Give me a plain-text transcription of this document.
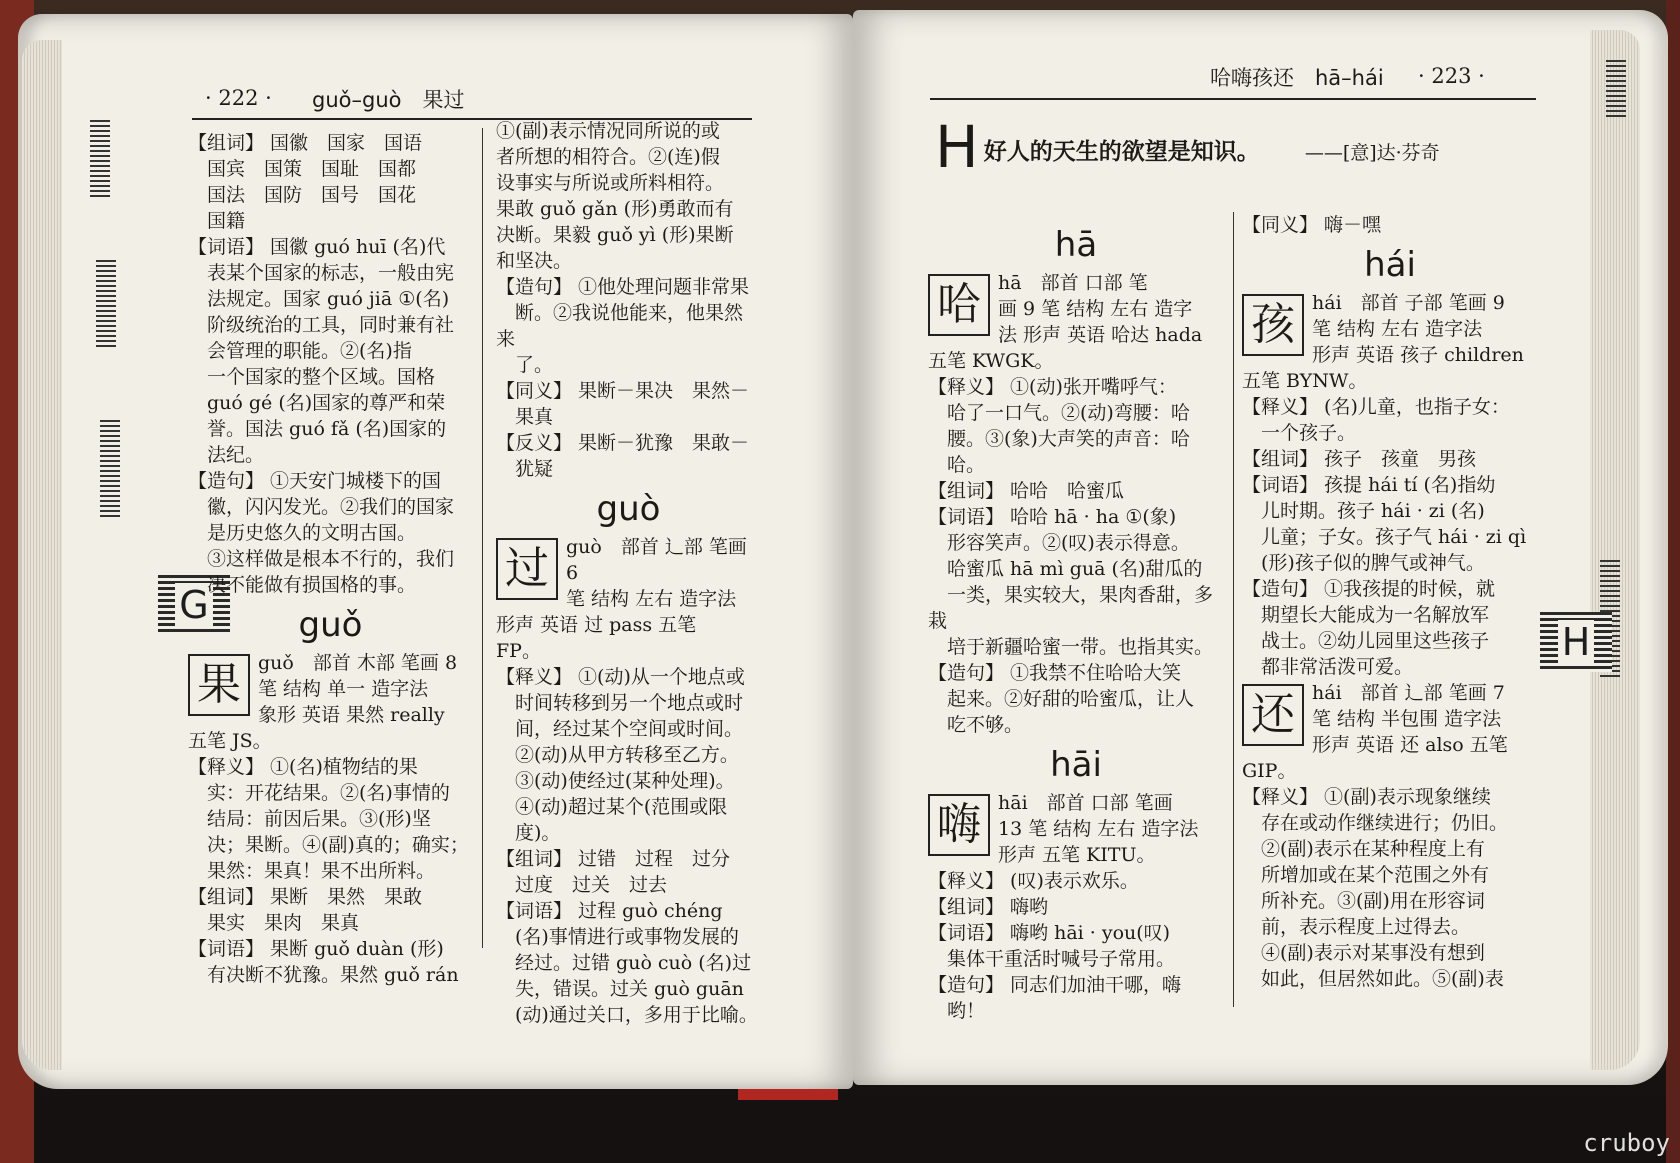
G
· 222 · guǒ–guò　果过

【组词】 国徽　国家　国语

　国宾　国策　国耻　国都

　国法　国防　国号　国花

　国籍

【词语】 国徽 guó huī (名)代

　表某个国家的标志，一般由宪

　法规定。国家 guó jiā ①(名)

　阶级统治的工具，同时兼有社

　会管理的职能。②(名)指

　一个国家的整个区域。国格

　guó gé (名)国家的尊严和荣

　誉。国法 guó fǎ (名)国家的

　法纪。

【造句】 ①天安门城楼下的国

　徽，闪闪发光。②我们的国家

　是历史悠久的文明古国。

　③这样做是根本不行的，我们

　决不能做有损国格的事。

guǒ
果 guǒ　部首 木部 笔画 8

笔 结构 单一 造字法

象形 英语 果然 really

五笔 JS。

【释义】 ①(名)植物结的果

　实：开花结果。②(名)事情的

　结局：前因后果。③(形)坚

　决；果断。④(副)真的；确实；

　果然：果真！果不出所料。

【组词】 果断　果然　果敢

　果实　果肉　果真

【词语】 果断 guǒ duàn (形)

　有决断不犹豫。果然 guǒ rán

①(副)表示情况同所说的或

者所想的相符合。②(连)假

设事实与所说或所料相符。

果敢 guǒ gǎn (形)勇敢而有

决断。果毅 guǒ yì (形)果断

和坚决。

【造句】 ①他处理问题非常果

　断。②我说他能来，他果然来

　了。

【同义】 果断－果决　果然－

　果真

【反义】 果断－犹豫　果敢－

　犹疑

guò
过 guò　部首 辶部 笔画 6

笔 结构 左右 造字法

形声 英语 过 pass 五笔

FP。

【释义】 ①(动)从一个地点或

　时间转移到另一个地点或时

　间，经过某个空间或时间。

　②(动)从甲方转移至乙方。

　③(动)使经过(某种处理)。

　④(动)超过某个(范围或限

　度)。

【组词】 过错　过程　过分

　过度　过关　过去

【词语】 过程 guò chéng

　(名)事情进行或事物发展的

　经过。过错 guò cuò (名)过

　失，错误。过关 guò guān

　(动)通过关口，多用于比喻。

H
哈嗨孩还　hā–hái · 223 ·
H 好人的天生的欲望是知识。 ——[意]达·芬奇
hā
哈 hā　部首 口部 笔

画 9 笔 结构 左右 造字

法 形声 英语 哈达 hada

五笔 KWGK。

【释义】 ①(动)张开嘴呼气：

　哈了一口气。②(动)弯腰：哈

　腰。③(象)大声笑的声音：哈

　哈。

【组词】 哈哈　哈蜜瓜

【词语】 哈哈 hā · ha ①(象)

　形容笑声。②(叹)表示得意。

　哈蜜瓜 hā mì guā (名)甜瓜的

　一类，果实较大，果肉香甜，多栽

　培于新疆哈蜜一带。也指其实。

【造句】 ①我禁不住哈哈大笑

　起来。②好甜的哈蜜瓜，让人

　吃不够。

hāi
嗨 hāi　部首 口部 笔画

13 笔 结构 左右 造字法

形声 五笔 KITU。

【释义】 (叹)表示欢乐。

【组词】 嗨哟

【词语】 嗨哟 hāi · you(叹)

　集体干重活时喊号子常用。

【造句】 同志们加油干哪，嗨

　哟！

【同义】 嗨－嘿

hái
孩 hái　部首 子部 笔画 9

笔 结构 左右 造字法

形声 英语 孩子 children

五笔 BYNW。

【释义】 (名)儿童，也指子女：

　一个孩子。

【组词】 孩子　孩童　男孩

【词语】 孩提 hái tí (名)指幼

　儿时期。孩子 hái · zi (名)

　儿童；子女。孩子气 hái · zi qì

　(形)孩子似的脾气或神气。

【造句】 ①我孩提的时候，就

　期望长大能成为一名解放军

　战士。②幼儿园里这些孩子

　都非常活泼可爱。

还 hái　部首 辶部 笔画 7

笔 结构 半包围 造字法

形声 英语 还 also 五笔

GIP。

【释义】 ①(副)表示现象继续

　存在或动作继续进行；仍旧。

　②(副)表示在某种程度上有

　所增加或在某个范围之外有

　所补充。③(副)用在形容词

　前，表示程度上过得去。

　④(副)表示对某事没有想到

　如此，但居然如此。⑤(副)表

cruboy
